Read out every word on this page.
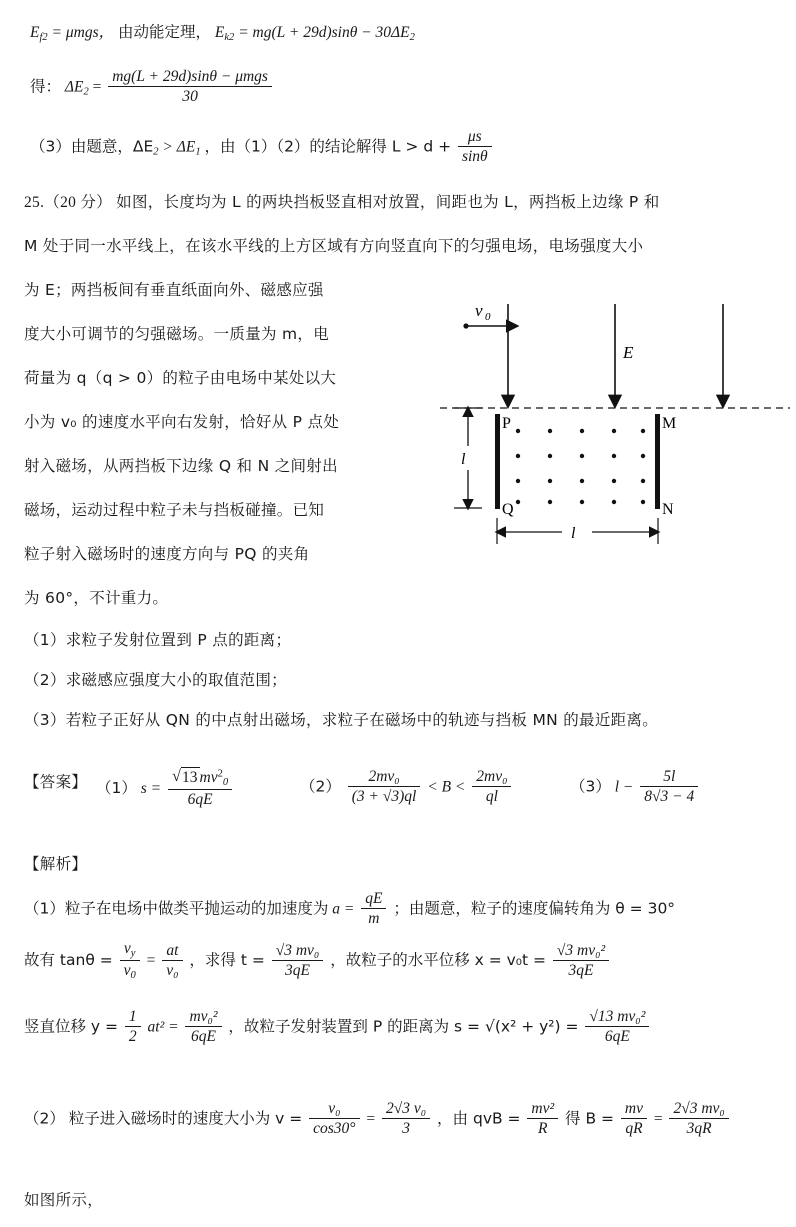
$E_{f2} = \mu mgs$， 由动能定理， $E_{k2} = mg(L + 29d)\sin\theta - 30\Delta E_2$
得： $\Delta E_2 = \frac{\text{mg(L + 29d)sinθ − μmgs}}{30}$
（3）由题意，$\Delta E_2 > \Delta E_1$ ，由（1）（2）的结论解得 $L > d + \frac{\mu s}{\sin\theta}$
25.（20 分） 如图，长度均为 L 的两块挡板竖直相对放置，间距也为 L，两挡板上边缘 P 和
M 处于同一水平线上，在该水平线的上方区域有方向竖直向下的匀强电场，电场强度大小
为 E；两挡板间有垂直纸面向外、磁感应强
度大小可调节的匀强磁场。一质量为 m，电
荷量为 q（q > 0）的粒子由电场中某处以大
小为 v₀ 的速度水平向右发射，恰好从 P 点处
射入磁场，从两挡板下边缘 Q 和 N 之间射出
磁场，运动过程中粒子未与挡板碰撞。已知
粒子射入磁场时的速度方向与 PQ 的夹角
为 60°，不计重力。
（1）求粒子发射位置到 P 点的距离；
（2）求磁感应强度大小的取值范围；
（3）若粒子正好从 QN 的中点射出磁场，求粒子在磁场中的轨迹与挡板 MN 的最近距离。
v 0
E
P	M
Q	N
l
l
【答案】 （1） s = √ $\frac{13 mv^2_0}{6qE}$	$(2) \frac{\text{2mv₀}}{(3 + √3)ql} < B < \frac{\text{2mv₀}}{ql}$	（3） $l - \frac{5l}{8√3 - 4}$
【解析】
（1）粒子在电场中做类平抛运动的加速度为 $a = \frac{qE}{m}$ ；由题意，粒子的速度偏转角为 θ = 30°
故有 $\tan\theta = \frac{v_y}{v_0} = \frac{at}{\text{v₀}}$ ，求得 $t = \frac{\text{√3 mv₀}}{3qE}$ ，故粒子的水平位移 $x = v_0t = \frac{\text{√3 mv₀²}}{3qE}$
竖直位移 $y = \frac{1}{2} at^2 = \frac{\text{mv₀²}}{6qE}$ ，故粒子发射装置到 P 的距离为 $s = √(x^2 + y^2) = \frac{\text{√13 mv₀²}}{6qE}$
（2） 粒子进入磁场时的速度大小为 $v = \frac{\text{v₀}}{\cos 30^\circ} = \frac{\text{2√3 v₀}}{3}$ ，由 qvB = $\frac{\text{mv²}}{R}$ 得 $B = \frac{mv}{qR} = \frac{\text{2√3 mv₀}}{3qR}$
如图所示，
